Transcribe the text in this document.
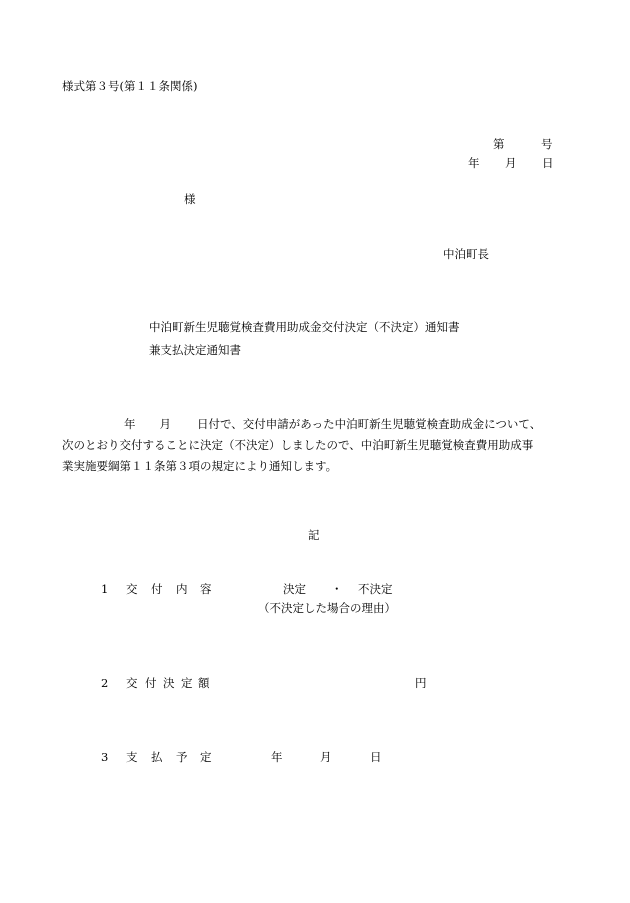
様式第３号(第１１条関係)
第	号
年 月 日
様
中泊町長
中泊町新生児聴覚検査費用助成金交付決定（不決定）通知書
兼支払決定通知書

年 月 日付で、交付申請があった中泊町新生児聴覚検査助成金について、

次のとおり交付することに決定（不決定）しましたので、中泊町新生児聴覚検査費用助成事

業実施要綱第１１条第３項の規定により通知します。

記
1 交 付 内 容	決定 ・ 不決定
（不決定した場合の理由）
2 交 付 決 定 額	円
3 支 払 予 定	年	月	日
